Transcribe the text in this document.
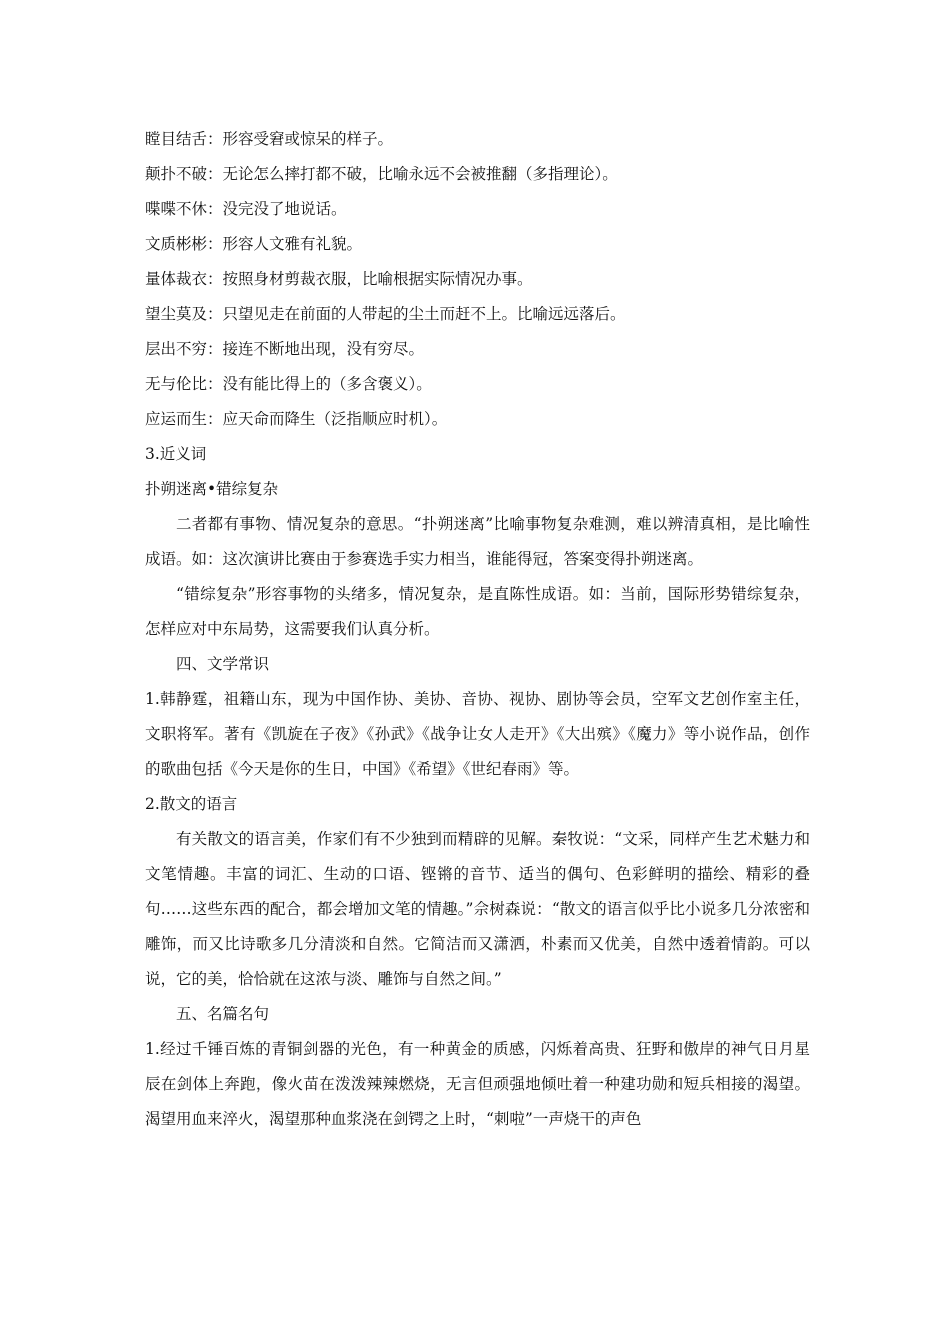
瞠目结舌：形容受窘或惊呆的样子。

颠扑不破：无论怎么摔打都不破，比喻永远不会被推翻（多指理论）。

喋喋不休：没完没了地说话。

文质彬彬：形容人文雅有礼貌。

量体裁衣：按照身材剪裁衣服，比喻根据实际情况办事。

望尘莫及：只望见走在前面的人带起的尘土而赶不上。比喻远远落后。

层出不穷：接连不断地出现，没有穷尽。

无与伦比：没有能比得上的（多含褒义）。

应运而生：应天命而降生（泛指顺应时机）。

3.近义词

扑朔迷离•错综复杂

二者都有事物、情况复杂的意思。“扑朔迷离”比喻事物复杂难测，难以辨清真相，是比喻性成语。如：这次演讲比赛由于参赛选手实力相当，谁能得冠，答案变得扑朔迷离。

“错综复杂”形容事物的头绪多，情况复杂，是直陈性成语。如：当前，国际形势错综复杂，怎样应对中东局势，这需要我们认真分析。

四、文学常识

1.韩静霆，祖籍山东，现为中国作协、美协、音协、视协、剧协等会员，空军文艺创作室主任，文职将军。著有《凯旋在子夜》《孙武》《战争让女人走开》《大出殡》《魔力》等小说作品，创作的歌曲包括《今天是你的生日，中国》《希望》《世纪春雨》等。

2.散文的语言

有关散文的语言美，作家们有不少独到而精辟的见解。秦牧说：“文采，同样产生艺术魅力和文笔情趣。丰富的词汇、生动的口语、铿锵的音节、适当的偶句、色彩鲜明的描绘、精彩的叠句……这些东西的配合，都会增加文笔的情趣。”佘树森说：“散文的语言似乎比小说多几分浓密和雕饰，而又比诗歌多几分清淡和自然。它简洁而又潇洒，朴素而又优美，自然中透着情韵。可以说，它的美，恰恰就在这浓与淡、雕饰与自然之间。”

五、名篇名句

1.经过千锤百炼的青铜剑器的光色，有一种黄金的质感，闪烁着高贵、狂野和傲岸的神气日月星辰在剑体上奔跑，像火苗在泼泼辣辣燃烧，无言但顽强地倾吐着一种建功勋和短兵相接的渴望。渴望用血来淬火，渴望那种血浆浇在剑锷之上时，“刺啦”一声烧干的声色
